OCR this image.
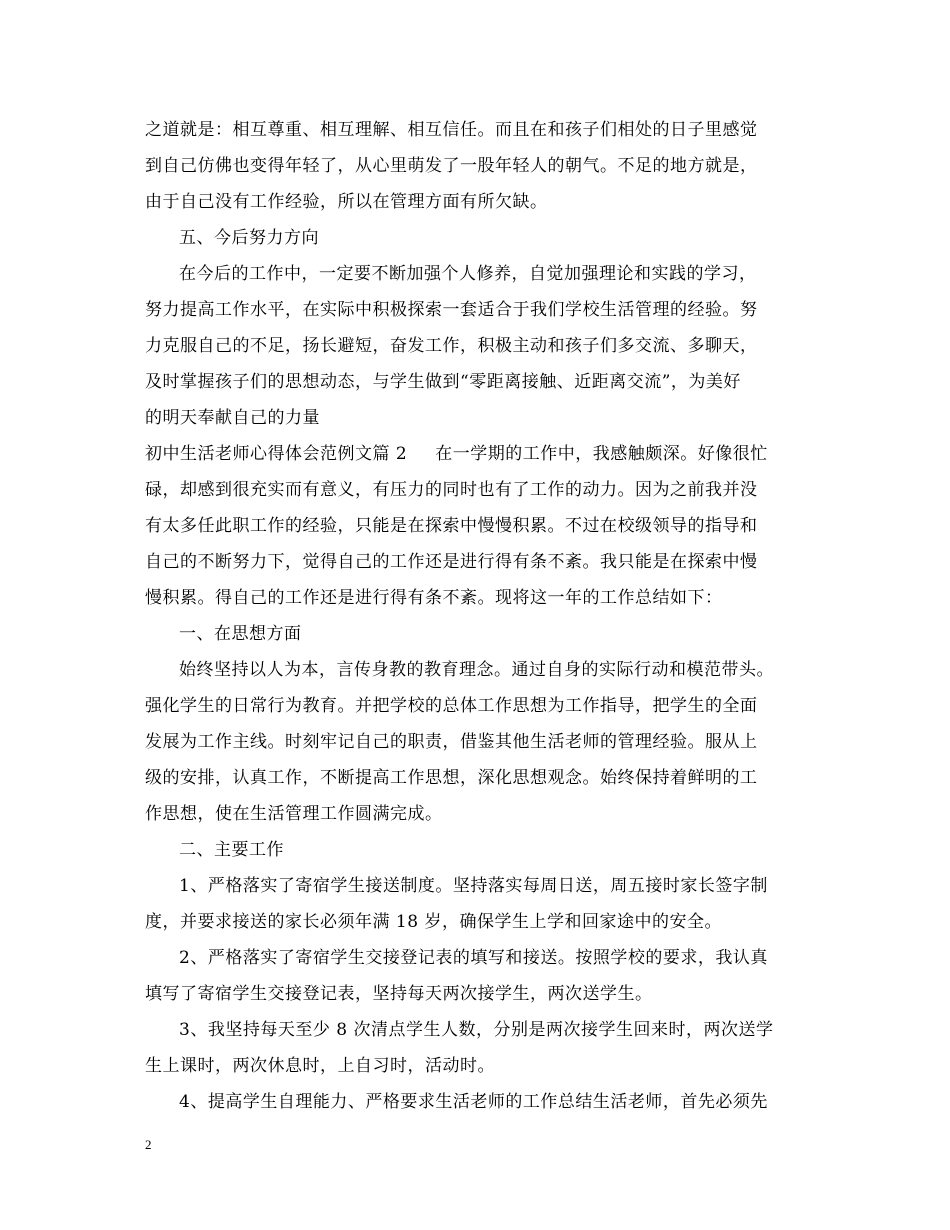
之道就是：相互尊重、相互理解、相互信任。而且在和孩子们相处的日子里感觉
到自己仿佛也变得年轻了，从心里萌发了一股年轻人的朝气。不足的地方就是，
由于自己没有工作经验，所以在管理方面有所欠缺。
五、今后努力方向
在今后的工作中，一定要不断加强个人修养，自觉加强理论和实践的学习，
努力提高工作水平，在实际中积极探索一套适合于我们学校生活管理的经验。努
力克服自己的不足，扬长避短，奋发工作，积极主动和孩子们多交流、多聊天，
及时掌握孩子们的思想动态，与学生做到“零距离接触、近距离交流”，为美好
的明天奉献自己的力量
初中生活老师心得体会范例文篇 2 在一学期的工作中，我感触颇深。好像很忙
碌，却感到很充实而有意义，有压力的同时也有了工作的动力。因为之前我并没
有太多任此职工作的经验，只能是在探索中慢慢积累。不过在校级领导的指导和
自己的不断努力下，觉得自己的工作还是进行得有条不紊。我只能是在探索中慢
慢积累。得自己的工作还是进行得有条不紊。现将这一年的工作总结如下：
一、在思想方面
始终坚持以人为本，言传身教的教育理念。通过自身的实际行动和模范带头。
强化学生的日常行为教育。并把学校的总体工作思想为工作指导，把学生的全面
发展为工作主线。时刻牢记自己的职责，借鉴其他生活老师的管理经验。服从上
级的安排，认真工作，不断提高工作思想，深化思想观念。始终保持着鲜明的工
作思想，使在生活管理工作圆满完成。
二、主要工作
1、严格落实了寄宿学生接送制度。坚持落实每周日送，周五接时家长签字制
度，并要求接送的家长必须年满 18 岁，确保学生上学和回家途中的安全。
2、严格落实了寄宿学生交接登记表的填写和接送。按照学校的要求，我认真
填写了寄宿学生交接登记表，坚持每天两次接学生，两次送学生。
3、我坚持每天至少 8 次清点学生人数，分别是两次接学生回来时，两次送学
生上课时，两次休息时，上自习时，活动时。
4、提高学生自理能力、严格要求生活老师的工作总结生活老师，首先必须先
2
